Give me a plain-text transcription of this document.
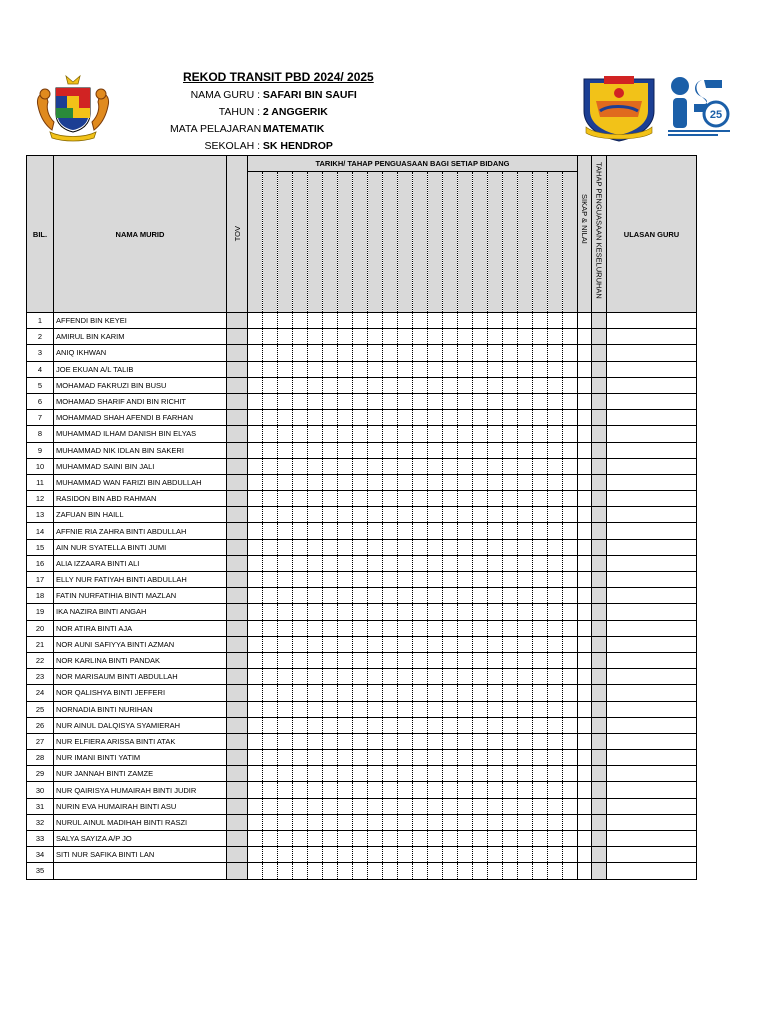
REKOD TRANSIT PBD 2024/ 2025
NAMA GURU : SAFARI BIN SAUFI
TAHUN : 2 ANGGERIK
MATA PELAJARAN : MATEMATIK
SEKOLAH : SK HENDROP
25
BIL.	NAMA MURID	TOV	TARIKH/ TAHAP PENGUASAAN BAGI SETIAP BIDANG																						SIKAP & NILAI	TAHAP PENGUASAAN KESELURUHAN	ULASAN GURU

1	AFFENDI BIN KEYEI																										
2	AMIRUL BIN KARIM																										
3	ANIQ IKHWAN																										
4	JOE EKUAN A/L TALIB																										
5	MOHAMAD FAKRUZI BIN BUSU																										
6	MOHAMAD SHARIF ANDI BIN RICHIT																										
7	MOHAMMAD SHAH AFENDI B FARHAN																										
8	MUHAMMAD ILHAM DANISH BIN ELYAS																										
9	MUHAMMAD NIK IDLAN BIN SAKERI																										
10	MUHAMMAD SAINI BIN JALI																										
11	MUHAMMAD WAN FARIZI BIN ABDULLAH																										
12	RASIDON BIN ABD RAHMAN																										
13	ZAFUAN BIN HAILL																										
14	AFFNIE RIA ZAHRA BINTI ABDULLAH																										
15	AIN NUR SYATELLA BINTI JUMI																										
16	ALIA IZZAARA BINTI ALI																										
17	ELLY NUR FATIYAH BINTI ABDULLAH																										
18	FATIN NURFATIHIA BINTI MAZLAN																										
19	IKA NAZIRA BINTI ANGAH																										
20	NOR ATIRA BINTI AJA																										
21	NOR AUNI SAFIYYA BINTI AZMAN																										
22	NOR KARLINA BINTI PANDAK																										
23	NOR MARISAUM BINTI ABDULLAH																										
24	NOR QALISHYA BINTI JEFFERI																										
25	NORNADIA BINTI NURIHAN																										
26	NUR AINUL DALQISYA SYAMIERAH																										
27	NUR ELFIERA ARISSA BINTI ATAK																										
28	NUR IMANI BINTI YATIM																										
29	NUR JANNAH BINTI ZAMZE																										
30	NUR QAIRISYA HUMAIRAH BINTI JUDIR																										
31	NURIN EVA HUMAIRAH BINTI ASU																										
32	NURUL AINUL MADIHAH BINTI RASZI																										
33	SALYA SAYIZA A/P JO																										
34	SITI NUR SAFIKA BINTI LAN																										
35																											
